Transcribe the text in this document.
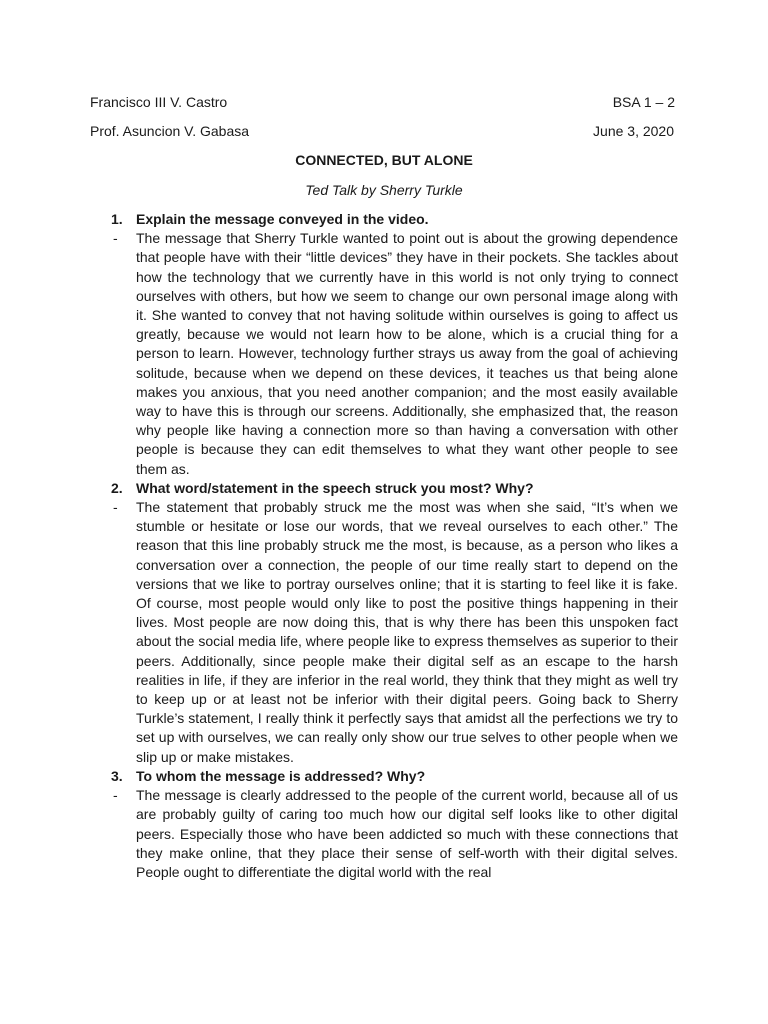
Francisco III V. Castro	BSA 1 – 2
Prof. Asuncion V. Gabasa	June 3, 2020
CONNECTED, BUT ALONE
Ted Talk by Sherry Turkle
1. Explain the message conveyed in the video.
- The message that Sherry Turkle wanted to point out is about the growing dependence that people have with their “little devices” they have in their pockets. She tackles about how the technology that we currently have in this world is not only trying to connect ourselves with others, but how we seem to change our own personal image along with it. She wanted to convey that not having solitude within ourselves is going to affect us greatly, because we would not learn how to be alone, which is a crucial thing for a person to learn. However, technology further strays us away from the goal of achieving solitude, because when we depend on these devices, it teaches us that being alone makes you anxious, that you need another companion; and the most easily available way to have this is through our screens. Additionally, she emphasized that, the reason why people like having a connection more so than having a conversation with other people is because they can edit themselves to what they want other people to see them as.
2. What word/statement in the speech struck you most? Why?
- The statement that probably struck me the most was when she said, “It’s when we stumble or hesitate or lose our words, that we reveal ourselves to each other.” The reason that this line probably struck me the most, is because, as a person who likes a conversation over a connection, the people of our time really start to depend on the versions that we like to portray ourselves online; that it is starting to feel like it is fake. Of course, most people would only like to post the positive things happening in their lives. Most people are now doing this, that is why there has been this unspoken fact about the social media life, where people like to express themselves as superior to their peers. Additionally, since people make their digital self as an escape to the harsh realities in life, if they are inferior in the real world, they think that they might as well try to keep up or at least not be inferior with their digital peers. Going back to Sherry Turkle’s statement, I really think it perfectly says that amidst all the perfections we try to set up with ourselves, we can really only show our true selves to other people when we slip up or make mistakes.
3. To whom the message is addressed? Why?
- The message is clearly addressed to the people of the current world, because all of us are probably guilty of caring too much how our digital self looks like to other digital peers. Especially those who have been addicted so much with these connections that they make online, that they place their sense of self-worth with their digital selves. People ought to differentiate the digital world with the real
